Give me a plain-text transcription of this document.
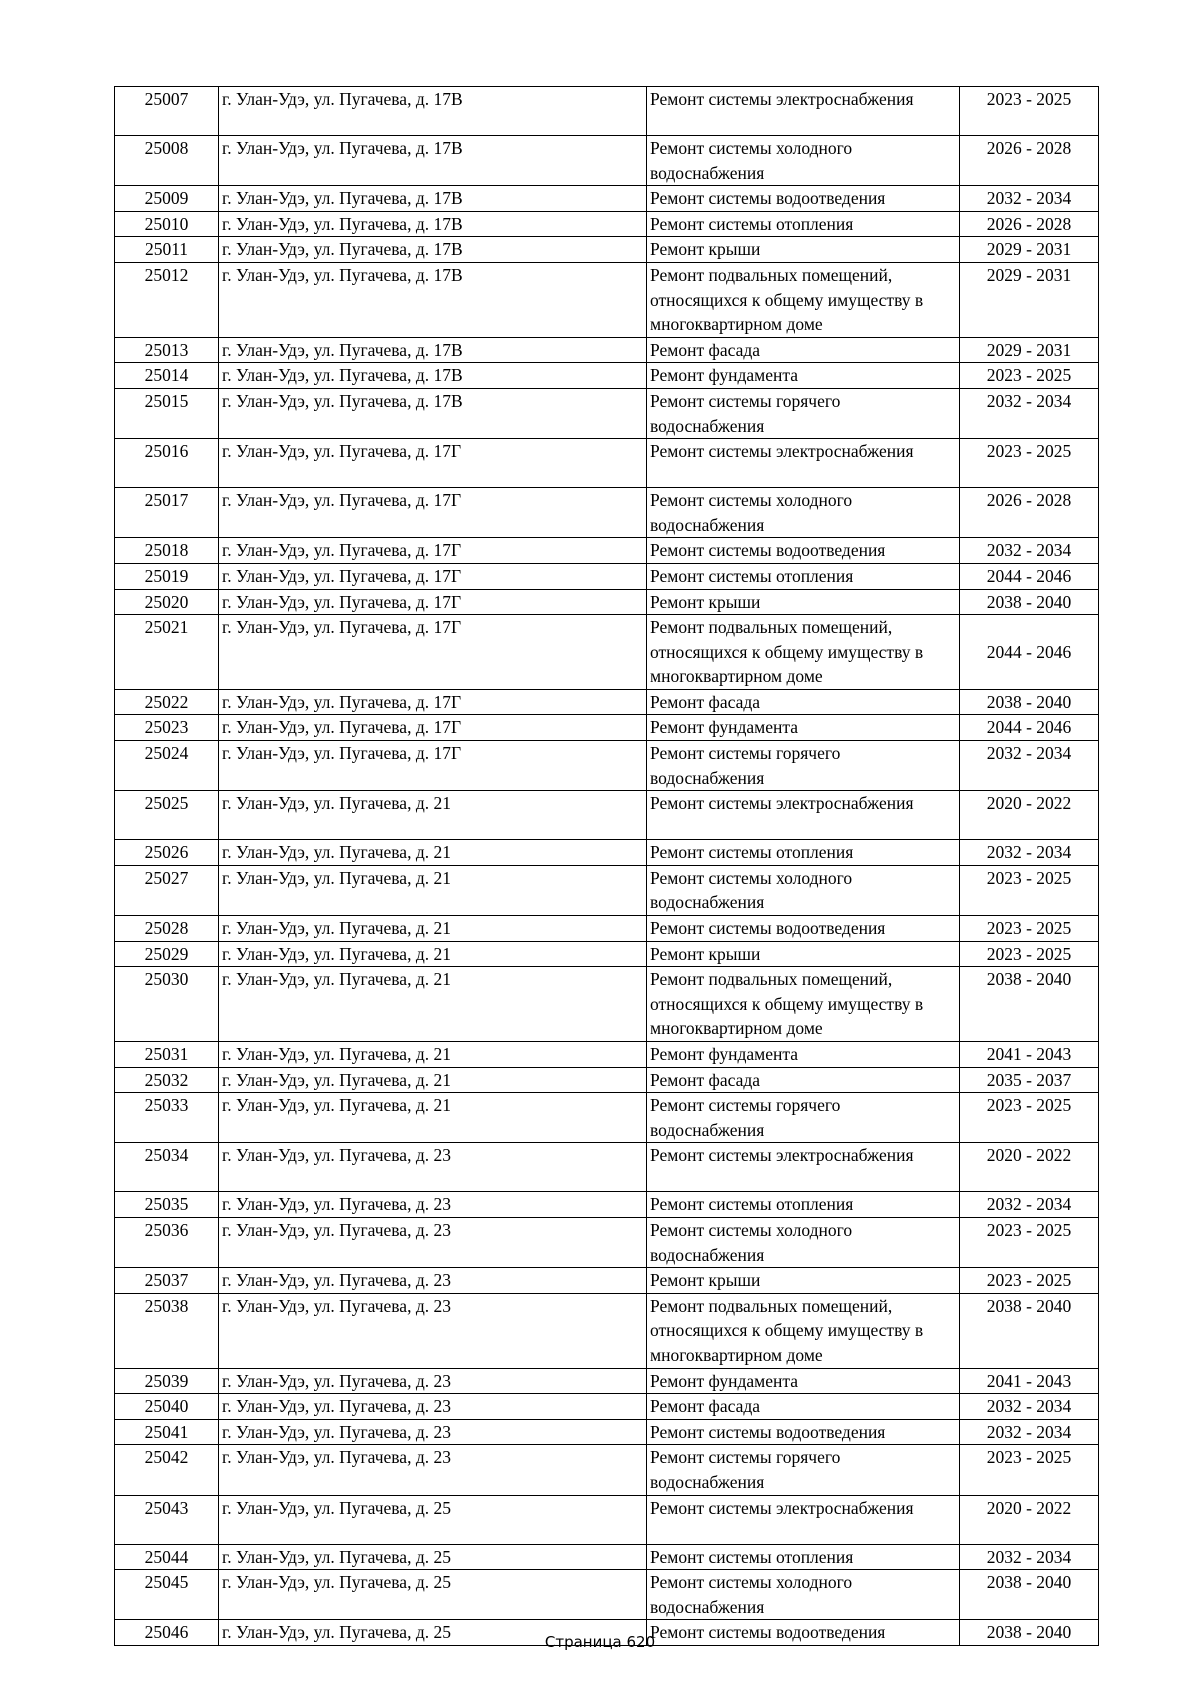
25007	г. Улан-Удэ, ул. Пугачева, д. 17В	Ремонт системы электроснабжения	2023 - 2025
25008	г. Улан-Удэ, ул. Пугачева, д. 17В	Ремонт системы холодного водоснабжения	2026 - 2028
25009	г. Улан-Удэ, ул. Пугачева, д. 17В	Ремонт системы водоотведения	2032 - 2034
25010	г. Улан-Удэ, ул. Пугачева, д. 17В	Ремонт системы отопления	2026 - 2028
25011	г. Улан-Удэ, ул. Пугачева, д. 17В	Ремонт крыши	2029 - 2031
25012	г. Улан-Удэ, ул. Пугачева, д. 17В	Ремонт подвальных помещений, относящихся к общему имуществу в многоквартирном доме	2029 - 2031
25013	г. Улан-Удэ, ул. Пугачева, д. 17В	Ремонт фасада	2029 - 2031
25014	г. Улан-Удэ, ул. Пугачева, д. 17В	Ремонт фундамента	2023 - 2025
25015	г. Улан-Удэ, ул. Пугачева, д. 17В	Ремонт системы горячего водоснабжения	2032 - 2034
25016	г. Улан-Удэ, ул. Пугачева, д. 17Г	Ремонт системы электроснабжения	2023 - 2025
25017	г. Улан-Удэ, ул. Пугачева, д. 17Г	Ремонт системы холодного водоснабжения	2026 - 2028
25018	г. Улан-Удэ, ул. Пугачева, д. 17Г	Ремонт системы водоотведения	2032 - 2034
25019	г. Улан-Удэ, ул. Пугачева, д. 17Г	Ремонт системы отопления	2044 - 2046
25020	г. Улан-Удэ, ул. Пугачева, д. 17Г	Ремонт крыши	2038 - 2040
25021	г. Улан-Удэ, ул. Пугачева, д. 17Г	Ремонт подвальных помещений, относящихся к общему имуществу в многоквартирном доме	2044 - 2046
25022	г. Улан-Удэ, ул. Пугачева, д. 17Г	Ремонт фасада	2038 - 2040
25023	г. Улан-Удэ, ул. Пугачева, д. 17Г	Ремонт фундамента	2044 - 2046
25024	г. Улан-Удэ, ул. Пугачева, д. 17Г	Ремонт системы горячего водоснабжения	2032 - 2034
25025	г. Улан-Удэ, ул. Пугачева, д. 21	Ремонт системы электроснабжения	2020 - 2022
25026	г. Улан-Удэ, ул. Пугачева, д. 21	Ремонт системы отопления	2032 - 2034
25027	г. Улан-Удэ, ул. Пугачева, д. 21	Ремонт системы холодного водоснабжения	2023 - 2025
25028	г. Улан-Удэ, ул. Пугачева, д. 21	Ремонт системы водоотведения	2023 - 2025
25029	г. Улан-Удэ, ул. Пугачева, д. 21	Ремонт крыши	2023 - 2025
25030	г. Улан-Удэ, ул. Пугачева, д. 21	Ремонт подвальных помещений, относящихся к общему имуществу в многоквартирном доме	2038 - 2040
25031	г. Улан-Удэ, ул. Пугачева, д. 21	Ремонт фундамента	2041 - 2043
25032	г. Улан-Удэ, ул. Пугачева, д. 21	Ремонт фасада	2035 - 2037
25033	г. Улан-Удэ, ул. Пугачева, д. 21	Ремонт системы горячего водоснабжения	2023 - 2025
25034	г. Улан-Удэ, ул. Пугачева, д. 23	Ремонт системы электроснабжения	2020 - 2022
25035	г. Улан-Удэ, ул. Пугачева, д. 23	Ремонт системы отопления	2032 - 2034
25036	г. Улан-Удэ, ул. Пугачева, д. 23	Ремонт системы холодного водоснабжения	2023 - 2025
25037	г. Улан-Удэ, ул. Пугачева, д. 23	Ремонт крыши	2023 - 2025
25038	г. Улан-Удэ, ул. Пугачева, д. 23	Ремонт подвальных помещений, относящихся к общему имуществу в многоквартирном доме	2038 - 2040
25039	г. Улан-Удэ, ул. Пугачева, д. 23	Ремонт фундамента	2041 - 2043
25040	г. Улан-Удэ, ул. Пугачева, д. 23	Ремонт фасада	2032 - 2034
25041	г. Улан-Удэ, ул. Пугачева, д. 23	Ремонт системы водоотведения	2032 - 2034
25042	г. Улан-Удэ, ул. Пугачева, д. 23	Ремонт системы горячего водоснабжения	2023 - 2025
25043	г. Улан-Удэ, ул. Пугачева, д. 25	Ремонт системы электроснабжения	2020 - 2022
25044	г. Улан-Удэ, ул. Пугачева, д. 25	Ремонт системы отопления	2032 - 2034
25045	г. Улан-Удэ, ул. Пугачева, д. 25	Ремонт системы холодного водоснабжения	2038 - 2040
25046	г. Улан-Удэ, ул. Пугачева, д. 25	Ремонт системы водоотведения	2038 - 2040
Страница 620
